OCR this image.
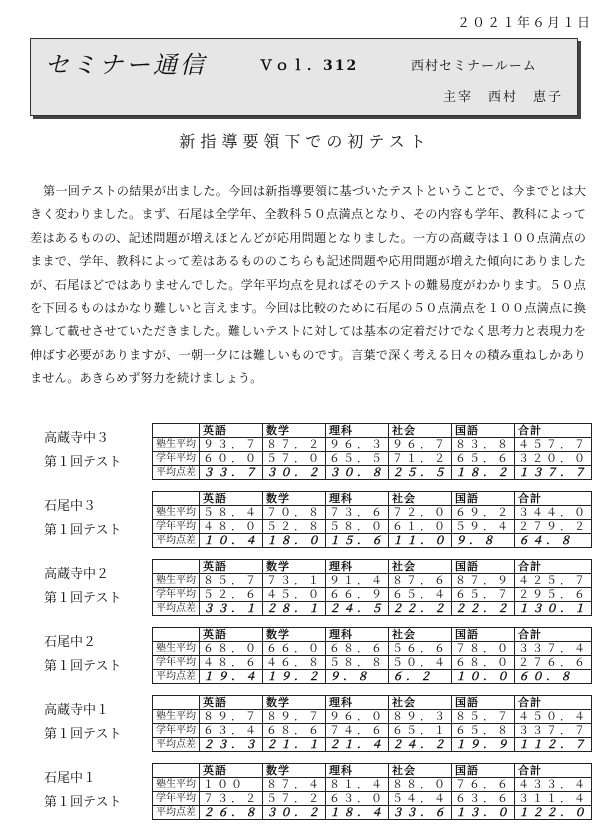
２０２１年６月１日
セミナー通信	Ｖｏｌ．312	西村セミナールーム
主宰　西村　恵子
新指導要領下での初テスト

第一回テストの結果が出ました。今回は新指導要領に基づいたテストということで、今までとは大きく変わりました。まず、石尾は全学年、全教科５０点満点となり、その内容も学年、教科によって差はあるものの、記述問題が増えほとんどが応用問題となりました。一方の高蔵寺は１００点満点のままで、学年、教科によって差はあるもののこちらも記述問題や応用問題が増えた傾向にありましたが、石尾ほどではありませんでした。学年平均点を見ればそのテストの難易度がわかります。５０点を下回るものはかなり難しいと言えます。今回は比較のために石尾の５０点満点を１００点満点に換算して載せさせていただきました。難しいテストに対しては基本の定着だけでなく思考力と表現力を伸ばす必要がありますが、一朝一夕には難しいものです。言葉で深く考える日々の積み重ねしかありません。あきらめず努力を続けましょう。

高蔵寺中３
第１回テスト
	英語	数学	理科	社会	国語	合計
塾生平均	９３．７	８７．２	９６．３	９６．７	８３．８	４５７．７
学年平均	６０．０	５７．０	６５．５	７１．２	６５．６	３２０．０
平均点差	３３．７	３０．２	３０．８	２５．５	１８．２	１３７．７
石尾中３
第１回テスト
	英語	数学	理科	社会	国語	合計
塾生平均	５８．４	７０．８	７３．６	７２．０	６９．２	３４４．０
学年平均	４８．０	５２．８	５８．０	６１．０	５９．４	２７９．２
平均点差	１０．４	１８．０	１５．６	１１．０	９．８	６４．８
高蔵寺中２
第１回テスト
	英語	数学	理科	社会	国語	合計
塾生平均	８５．７	７３．１	９１．４	８７．６	８７．９	４２５．７
学年平均	５２．６	４５．０	６６．９	６５．４	６５．７	２９５．６
平均点差	３３．１	２８．１	２４．５	２２．２	２２．２	１３０．１
石尾中２
第１回テスト
	英語	数学	理科	社会	国語	合計
塾生平均	６８．０	６６．０	６８．６	５６．６	７８．０	３３７．４
学年平均	４８．６	４６．８	５８．８	５０．４	６８．０	２７６．６
平均点差	１９．４	１９．２	９．８	６．２	１０．０	６０．８
高蔵寺中１
第１回テスト
	英語	数学	理科	社会	国語	合計
塾生平均	８９．７	８９．７	９６．０	８９．３	８５．７	４５０．４
学年平均	６３．４	６８．６	７４．６	６５．１	６５．８	３３７．７
平均点差	２３．３	２１．１	２１．４	２４．２	１９．９	１１２．７
石尾中１
第１回テスト
	英語	数学	理科	社会	国語	合計
塾生平均	１００	８７．４	８１．４	８８．０	７６．６	４３３．４
学年平均	７３．２	５７．２	６３．０	５４．４	６３．６	３１１．４
平均点差	２６．８	３０．２	１８．４	３３．６	１３．０	１２２．０
